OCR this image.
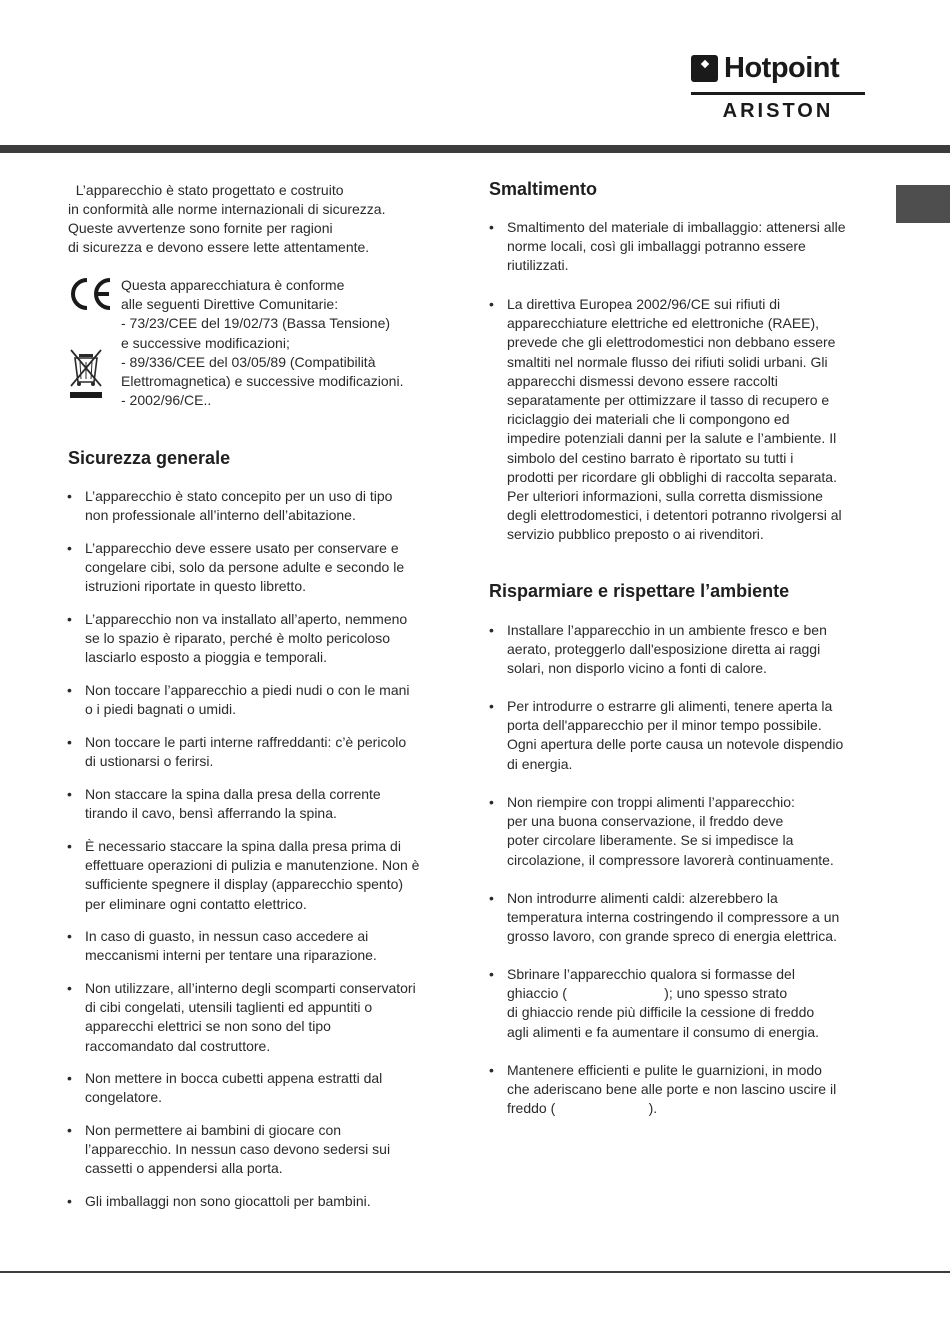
Hotpoint
ARISTON
L’apparecchio è stato progettato e costruito
in conformità alle norme internazionali di sicurezza.
Queste avvertenze sono fornite per ragioni
di sicurezza e devono essere lette attentamente.
Questa apparecchiatura è conforme
alle seguenti Direttive Comunitarie:
- 73/23/CEE del 19/02/73 (Bassa Tensione)
e successive modificazioni;
- 89/336/CEE del 03/05/89 (Compatibilità
Elettromagnetica) e successive modificazioni.
- 2002/96/CE..
Sicurezza generale
• L’apparecchio è stato concepito per un uso di tipo
non professionale all’interno dell’abitazione.
• L’apparecchio deve essere usato per conservare e
congelare cibi, solo da persone adulte e secondo le
istruzioni riportate in questo libretto.
• L’apparecchio non va installato all’aperto, nemmeno
se lo spazio è riparato, perché è molto pericoloso
lasciarlo esposto a pioggia e temporali.
• Non toccare l’apparecchio a piedi nudi o con le mani
o i piedi bagnati o umidi.
• Non toccare le parti interne raffreddanti: c’è pericolo
di ustionarsi o ferirsi.
• Non staccare la spina dalla presa della corrente
tirando il cavo, bensì afferrando la spina.
• È necessario staccare la spina dalla presa prima di
effettuare operazioni di pulizia e manutenzione. Non è
sufficiente spegnere il display (apparecchio spento)
per eliminare ogni contatto elettrico.
• In caso di guasto, in nessun caso accedere ai
meccanismi interni per tentare una riparazione.
• Non utilizzare, all’interno degli scomparti conservatori
di cibi congelati, utensili taglienti ed appuntiti o
apparecchi elettrici se non sono del tipo
raccomandato dal costruttore.
• Non mettere in bocca cubetti appena estratti dal
congelatore.
• Non permettere ai bambini di giocare con
l’apparecchio. In nessun caso devono sedersi sui
cassetti o appendersi alla porta.
• Gli imballaggi non sono giocattoli per bambini.
Smaltimento
• Smaltimento del materiale di imballaggio: attenersi alle
norme locali, così gli imballaggi potranno essere
riutilizzati.
• La direttiva Europea 2002/96/CE sui rifiuti di
apparecchiature elettriche ed elettroniche (RAEE),
prevede che gli elettrodomestici non debbano essere
smaltiti nel normale flusso dei rifiuti solidi urbani. Gli
apparecchi dismessi devono essere raccolti
separatamente per ottimizzare il tasso di recupero e
riciclaggio dei materiali che li compongono ed
impedire potenziali danni per la salute e l’ambiente. Il
simbolo del cestino barrato è riportato su tutti i
prodotti per ricordare gli obblighi di raccolta separata.
Per ulteriori informazioni, sulla corretta dismissione
degli elettrodomestici, i detentori potranno rivolgersi al
servizio pubblico preposto o ai rivenditori.
Risparmiare e rispettare l’ambiente
• Installare l’apparecchio in un ambiente fresco e ben
aerato, proteggerlo dall'esposizione diretta ai raggi
solari, non disporlo vicino a fonti di calore.
• Per introdurre o estrarre gli alimenti, tenere aperta la
porta dell'apparecchio per il minor tempo possibile.
Ogni apertura delle porte causa un notevole dispendio
di energia.
• Non riempire con troppi alimenti l’apparecchio:
per una buona conservazione, il freddo deve
poter circolare liberamente. Se si impedisce la
circolazione, il compressore lavorerà continuamente.
• Non introdurre alimenti caldi: alzerebbero la
temperatura interna costringendo il compressore a un
grosso lavoro, con grande spreco di energia elettrica.
• Sbrinare l’apparecchio qualora si formasse del
ghiaccio (                         ); uno spesso strato
di ghiaccio rende più difficile la cessione di freddo
agli alimenti e fa aumentare il consumo di energia.
• Mantenere efficienti e pulite le guarnizioni, in modo
che aderiscano bene alle porte e non lascino uscire il
freddo (                        ).
